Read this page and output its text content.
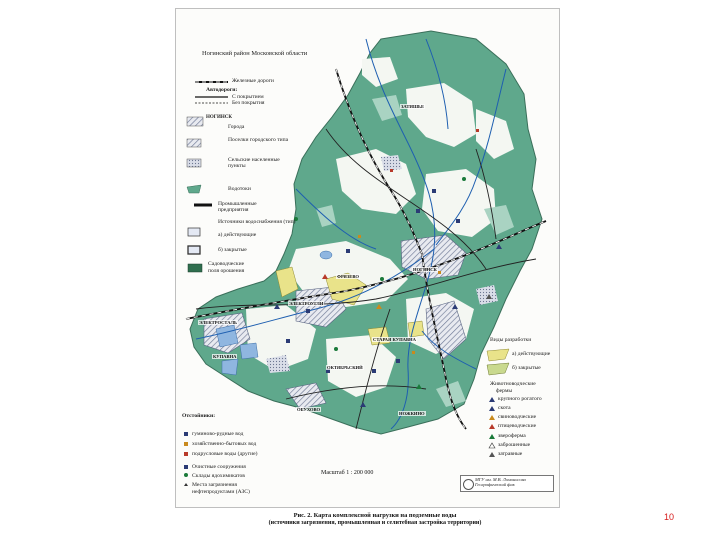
Ногинский район Московской области
Железные дороги
Автодороги:
С покрытием
Без покрытия
НОГИНСК
Города
Поселки городского типа
Сельские населенные пункты
Водотоки
Промышленные предприятия
Источники водоснабжения (тип)
а) действующие
б) закрытые
Садоводческие
поля орошения
Отстойники:
гуминово-рудные вод
хозяйственно-бытовых вод
подрусловые воды (другие)
Очистные сооружения
Склады ядохимикатов
Места загрязнения
нефтепродуктами (АЗС)
Виды разработки
а) действующие
б) закрытые
Животноводческие
фермы
крупного рогатого
скота
свиноводческие
птицеводческие
звероферма
заброшенные
затравные
НОГИНСК
ЭЛЕКТРОСТАЛЬ
ЭЛЕКТРОУГЛИ
КУПАВНА
СТАРАЯ КУПАВНА
ЗАТИШЬЕ
ОБУХОВО
ФРЯЗЕВО
НОЖКИНО
ОКТЯБРЬСКИЙ
Масштаб 1 : 200 000
МГУ им. М.В. Ломоносова
Географический фак
Рис. 2. Карта комплексной нагрузки на подземные воды
(источники загрязнения, промышленная и селитебная застройка территории)
10
